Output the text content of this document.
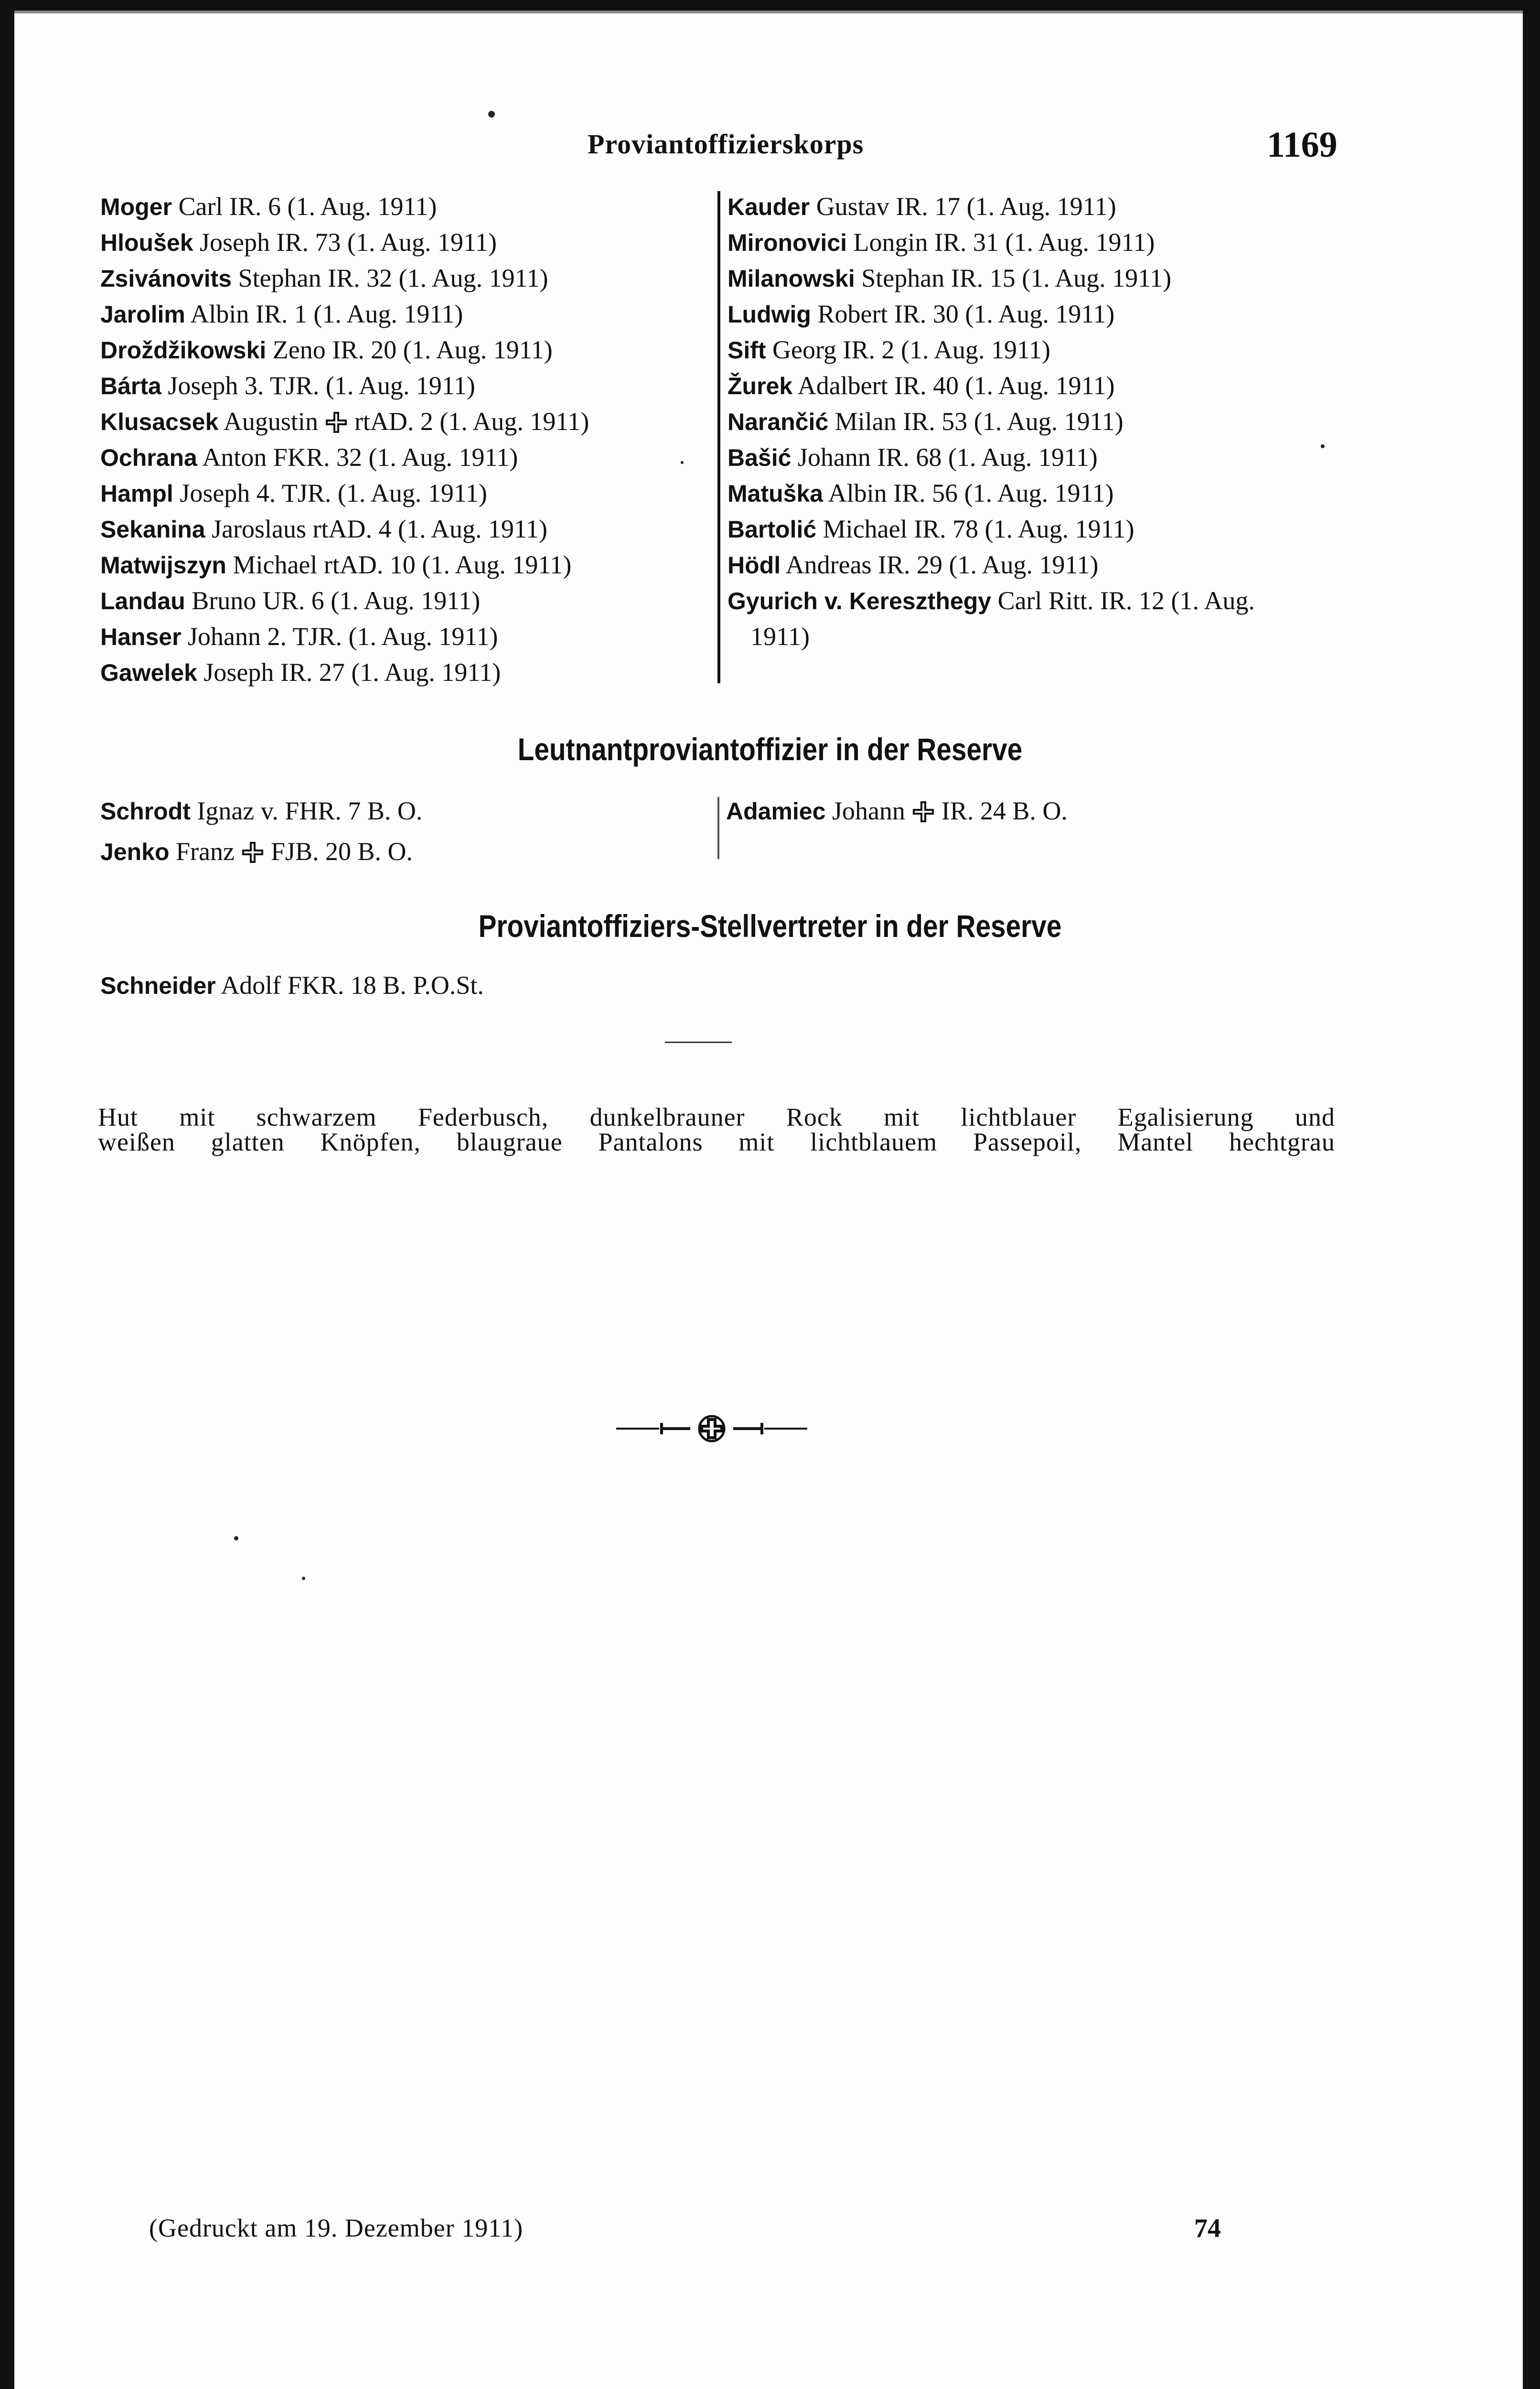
Proviantoffizierskorps	1169
Moger Carl IR. 6 (1. Aug. 1911)
Hloušek Joseph IR. 73 (1. Aug. 1911)
Zsivánovits Stephan IR. 32 (1. Aug. 1911)
Jarolim Albin IR. 1 (1. Aug. 1911)
Droždžikowski Zeno IR. 20 (1. Aug. 1911)
Bárta Joseph 3. TJR. (1. Aug. 1911)
Klusacsek Augustin rtAD. 2 (1. Aug. 1911)
Ochrana Anton FKR. 32 (1. Aug. 1911)
Hampl Joseph 4. TJR. (1. Aug. 1911)
Sekanina Jaroslaus rtAD. 4 (1. Aug. 1911)
Matwijszyn Michael rtAD. 10 (1. Aug. 1911)
Landau Bruno UR. 6 (1. Aug. 1911)
Hanser Johann 2. TJR. (1. Aug. 1911)
Gawelek Joseph IR. 27 (1. Aug. 1911)
Kauder Gustav IR. 17 (1. Aug. 1911)
Mironovici Longin IR. 31 (1. Aug. 1911)
Milanowski Stephan IR. 15 (1. Aug. 1911)
Ludwig Robert IR. 30 (1. Aug. 1911)
Sift Georg IR. 2 (1. Aug. 1911)
Žurek Adalbert IR. 40 (1. Aug. 1911)
Narančić Milan IR. 53 (1. Aug. 1911)
Bašić Johann IR. 68 (1. Aug. 1911)
Matuška Albin IR. 56 (1. Aug. 1911)
Bartolić Michael IR. 78 (1. Aug. 1911)
Hödl Andreas IR. 29 (1. Aug. 1911)
Gyurich v. Kereszthegy Carl Ritt. IR. 12 (1. Aug.
1911)
Leutnantproviantoffizier in der Reserve
Schrodt Ignaz v. FHR. 7 B. O.
Jenko Franz FJB. 20 B. O.
Adamiec Johann IR. 24 B. O.
Proviantoffiziers-Stellvertreter in der Reserve
Schneider Adolf FKR. 18 B. P.O.St.
Hut mit schwarzem Federbusch, dunkelbrauner Rock mit lichtblauer Egalisierung und
weißen glatten Knöpfen, blaugraue Pantalons mit lichtblauem Passepoil, Mantel hechtgrau
(Gedruckt am 19. Dezember 1911)	74
